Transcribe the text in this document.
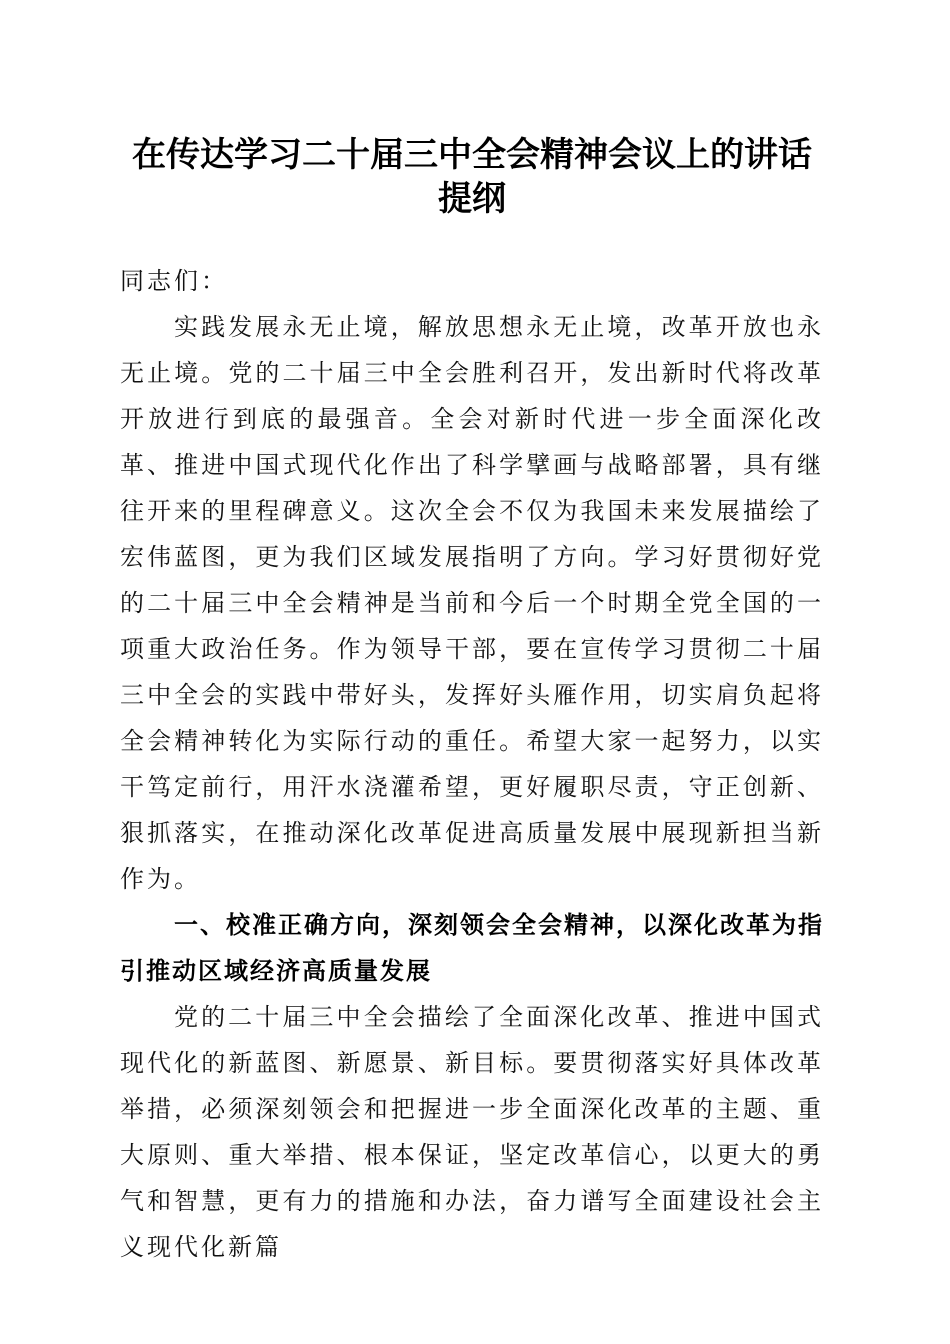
在传达学习二十届三中全会精神会议上的讲话
提纲

同志们：

实践发展永无止境，解放思想永无止境，改革开放也永无止境。党的二十届三中全会胜利召开，发出新时代将改革开放进行到底的最强音。全会对新时代进一步全面深化改革、推进中国式现代化作出了科学擘画与战略部署，具有继往开来的里程碑意义。这次全会不仅为我国未来发展描绘了宏伟蓝图，更为我们区域发展指明了方向。学习好贯彻好党的二十届三中全会精神是当前和今后一个时期全党全国的一项重大政治任务。作为领导干部，要在宣传学习贯彻二十届三中全会的实践中带好头，发挥好头雁作用，切实肩负起将全会精神转化为实际行动的重任。希望大家一起努力，以实干笃定前行，用汗水浇灌希望，更好履职尽责，守正创新、狠抓落实，在推动深化改革促进高质量发展中展现新担当新作为。

一、校准正确方向，深刻领会全会精神，以深化改革为指引推动区域经济高质量发展

党的二十届三中全会描绘了全面深化改革、推进中国式现代化的新蓝图、新愿景、新目标。要贯彻落实好具体改革举措，必须深刻领会和把握进一步全面深化改革的主题、重大原则、重大举措、根本保证，坚定改革信心，以更大的勇气和智慧，更有力的措施和办法，奋力谱写全面建设社会主义现代化新篇
